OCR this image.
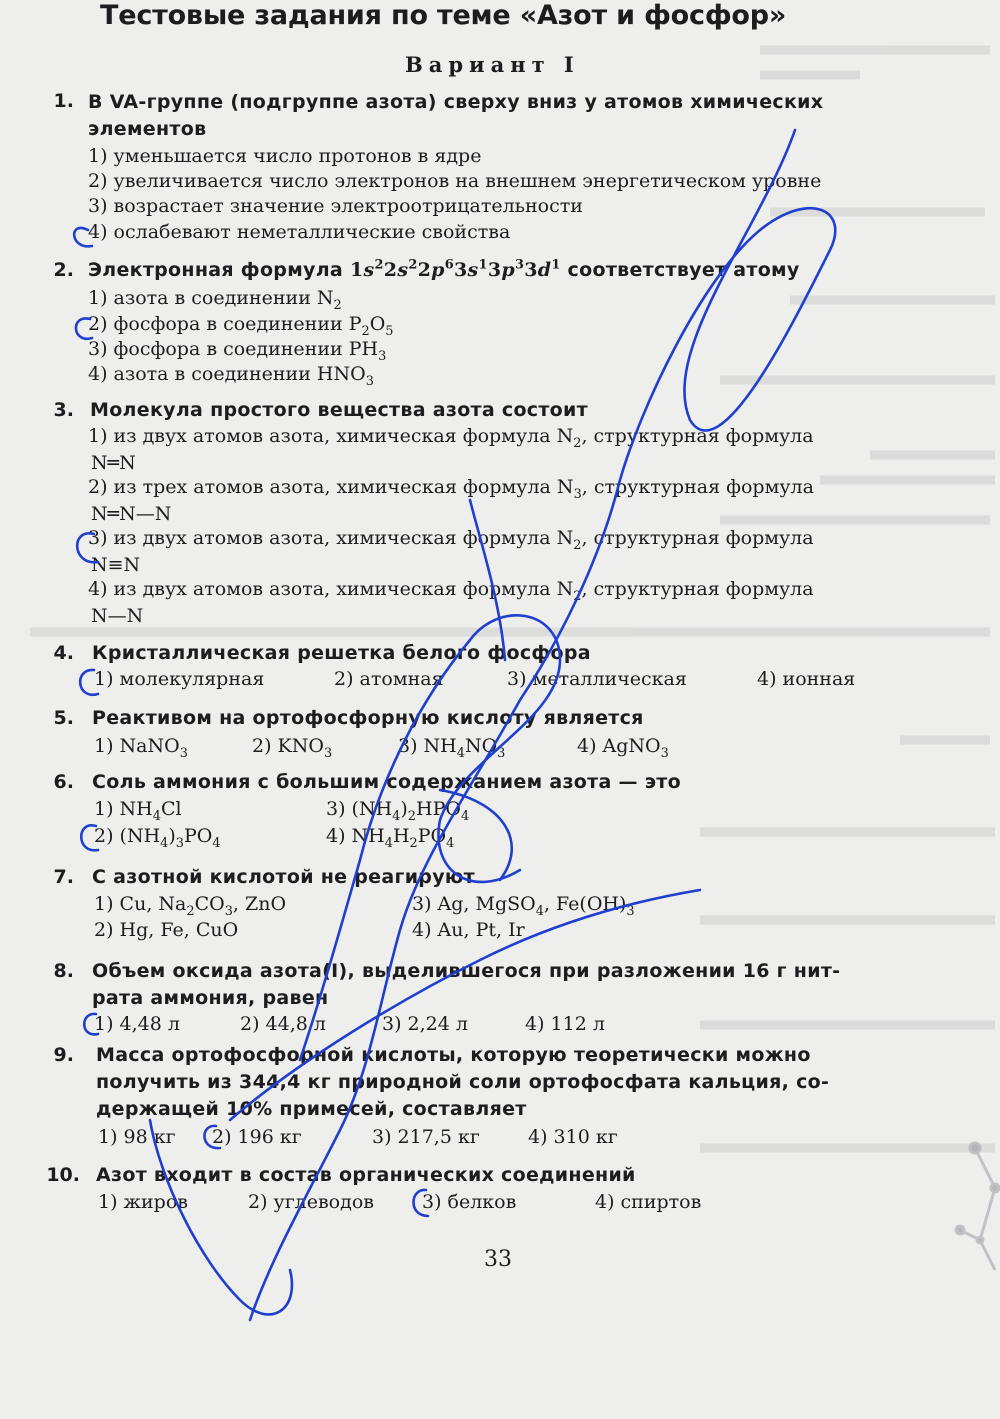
Тестовые задания по теме «Азот и фосфор»
Вариант I
1. В VA-группе (подгруппе азота) сверху вниз у атомов химических
элементов
1) уменьшается число протонов в ядре
2) увеличивается число электронов на внешнем энергетическом уровне
3) возрастает значение электроотрицательности
4) ослабевают неметаллические свойства
2. Электронная формула $1s^22s^22p^63s^13p^33d^1$ соответствует атому
1) азота в соединении $N_2$
2) фосфора в соединении $P_2O_5$
3) фосфора в соединении $PH_3$
4) азота в соединении $HNO_3$
3. Молекула простого вещества азота состоит
1) из двух атомов азота, химическая формула $N_2$, структурная формула
N═N
2) из трех атомов азота, химическая формула $N_3$, структурная формула
N═N—N
3) из двух атомов азота, химическая формула $N_2$, структурная формула
N≡N
4) из двух атомов азота, химическая формула $N_2$, структурная формула
N—N
4. Кристаллическая решетка белого фосфора
1) молекулярная	2) атомная	3) металлическая	4) ионная
5. Реактивом на ортофосфорную кислоту является
1) NaNO$_3$	2) $KNO_3$	3) $NH_4NO_3$	4) AgNO$_3$
6. Соль аммония с большим содержанием азота — это
1) $NH_4Cl$	3) $(NH_4)_2HPO_4$
2) $(NH_4)_3PO_4$	4) $NH_4H_2PO_4$
7. С азотной кислотой не реагируют
1) Cu, $Na_2CO_3$, ZnO	3) Ag, MgSO$_4$, $Fe(OH)_3$
2) Hg, Fe, CuO	4) Au, Pt, Ir
8. Объем оксида азота(I), выделившегося при разложении 16 г нит-
рата аммония, равен
1) 4,48 л	2) 44,8 л	3) 2,24 л	4) 112 л
9. Масса ортофосфорной кислоты, которую теоретически можно
получить из 344,4 кг природной соли ортофосфата кальция, со-
держащей 10% примесей, составляет
1) 98 кг 2) 196 кг	3) 217,5 кг	4) 310 кг
10. Азот входит в состав органических соединений
1) жиров	2) углеводов	3) белков	4) спиртов
33
